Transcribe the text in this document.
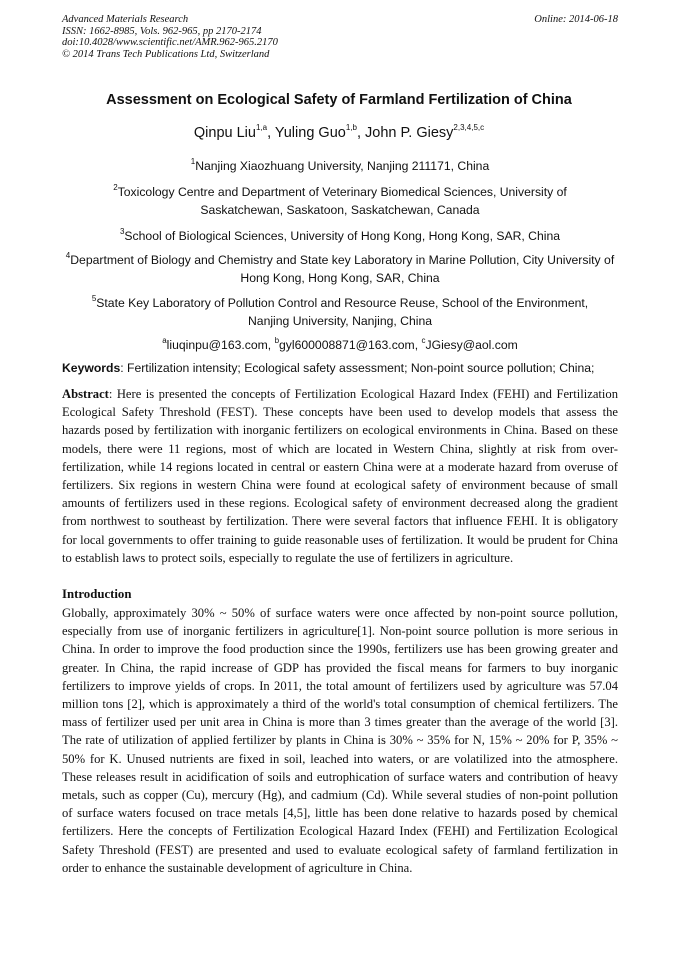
Advanced Materials Research
ISSN: 1662-8985, Vols. 962-965, pp 2170-2174
doi:10.4028/www.scientific.net/AMR.962-965.2170
© 2014 Trans Tech Publications Ltd, Switzerland
Online: 2014-06-18
Assessment on Ecological Safety of Farmland Fertilization of China
Qinpu Liu$^{1,a}$, Yuling Guo$^{1,b}$, John P. Giesy$^{2,3,4,5,c}$
$^1$Nanjing Xiaozhuang University, Nanjing 211171, China
$^2$Toxicology Centre and Department of Veterinary Biomedical Sciences, University of Saskatchewan, Saskatoon, Saskatchewan, Canada
$^3$School of Biological Sciences, University of Hong Kong, Hong Kong, SAR, China
$^4$Department of Biology and Chemistry and State key Laboratory in Marine Pollution, City University of Hong Kong, Hong Kong, SAR, China
$^5$State Key Laboratory of Pollution Control and Resource Reuse, School of the Environment, Nanjing University, Nanjing, China
$^a$liuqinpu@163.com, $^b$gyl600008871@163.com, $^c$JGiesy@aol.com
Keywords: Fertilization intensity; Ecological safety assessment; Non-point source pollution; China;
Abstract: Here is presented the concepts of Fertilization Ecological Hazard Index (FEHI) and Fertilization Ecological Safety Threshold (FEST). These concepts have been used to develop models that assess the hazards posed by fertilization with inorganic fertilizers on ecological environments in China. Based on these models, there were 11 regions, most of which are located in Western China, slightly at risk from over-fertilization, while 14 regions located in central or eastern China were at a moderate hazard from overuse of fertilizers. Six regions in western China were found at ecological safety of environment because of small amounts of fertilizers used in these regions. Ecological safety of environment decreased along the gradient from northwest to southeast by fertilization. There were several factors that influence FEHI. It is obligatory for local governments to offer training to guide reasonable uses of fertilization. It would be prudent for China to establish laws to protect soils, especially to regulate the use of fertilizers in agriculture.
Introduction
Globally, approximately 30% ~ 50% of surface waters were once affected by non-point source pollution, especially from use of inorganic fertilizers in agriculture[1]. Non-point source pollution is more serious in China. In order to improve the food production since the 1990s, fertilizers use has been growing greater and greater. In China, the rapid increase of GDP has provided the fiscal means for farmers to buy inorganic fertilizers to improve yields of crops. In 2011, the total amount of fertilizers used by agriculture was 57.04 million tons [2], which is approximately a third of the world's total consumption of chemical fertilizers. The mass of fertilizer used per unit area in China is more than 3 times greater than the average of the world [3]. The rate of utilization of applied fertilizer by plants in China is 30% ~ 35% for N, 15% ~ 20% for P, 35% ~ 50% for K. Unused nutrients are fixed in soil, leached into waters, or are volatilized into the atmosphere. These releases result in acidification of soils and eutrophication of surface waters and contribution of heavy metals, such as copper (Cu), mercury (Hg), and cadmium (Cd). While several studies of non-point pollution of surface waters focused on trace metals [4,5], little has been done relative to hazards posed by chemical fertilizers. Here the concepts of Fertilization Ecological Hazard Index (FEHI) and Fertilization Ecological Safety Threshold (FEST) are presented and used to evaluate ecological safety of farmland fertilization in order to enhance the sustainable development of agriculture in China.
